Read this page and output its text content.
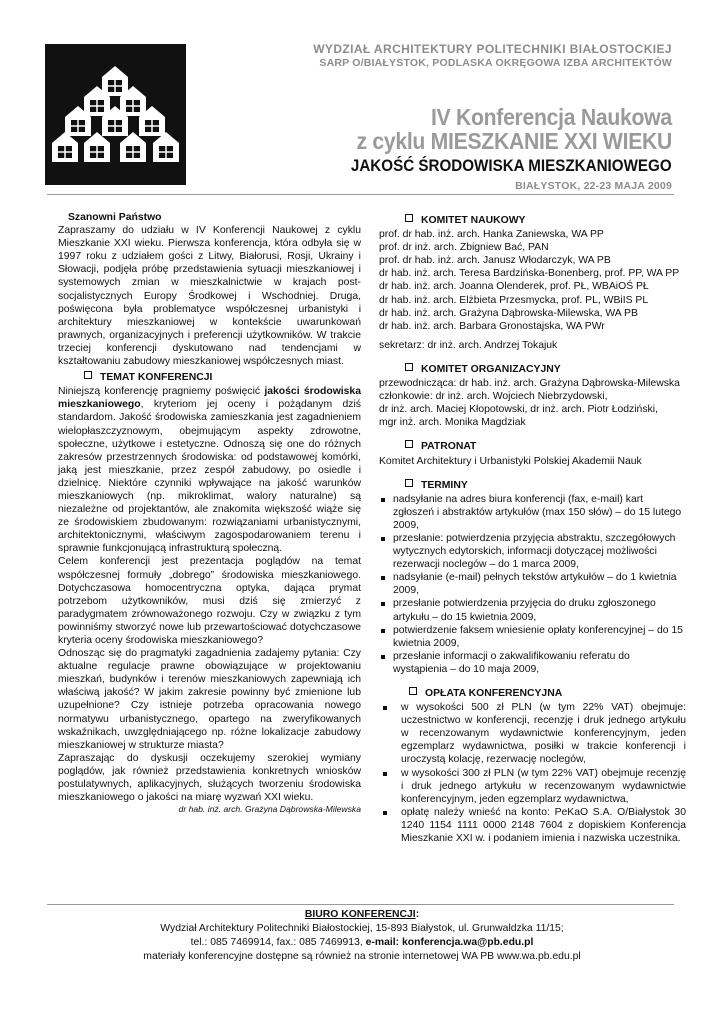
WYDZIAŁ ARCHITEKTURY POLITECHNIKI BIAŁOSTOCKIEJ
SARP O/BIAŁYSTOK, PODLASKA OKRĘGOWA IZBA ARCHITEKTÓW
IV Konferencja Naukowa
z cyklu MIESZKANIE XXI WIEKU
JAKOŚĆ ŚRODOWISKA MIESZKANIOWEGO
BIAŁYSTOK, 22-23 MAJA 2009
Szanowni Państwo

Zapraszamy do udziału w IV Konferencji Naukowej z cyklu Mieszkanie XXI wieku. Pierwsza konferencja, która odbyła się w 1997 roku z udziałem gości z Litwy, Białorusi, Rosji, Ukrainy i Słowacji, podjęła próbę przedstawienia sytuacji mieszkaniowej i systemowych zmian w mieszkalnictwie w krajach post-socjalistycznych Europy Środkowej i Wschodniej. Druga, poświęcona była problematyce współczesnej urbanistyki i architektury mieszkaniowej w kontekście uwarunkowań prawnych, organizacyjnych i preferencji użytkowników. W trakcie trzeciej konferencji dyskutowano nad tendencjami w kształtowaniu zabudowy mieszkaniowej współczesnych miast.

TEMAT KONFERENCJI

Niniejszą konferencję pragniemy poświęcić jakości środowiska mieszkaniowego, kryteriom jej oceny i pożądanym dziś standardom. Jakość środowiska zamieszkania jest zagadnieniem wielopłaszczyznowym, obejmującym aspekty zdrowotne, społeczne, użytkowe i estetyczne. Odnoszą się one do różnych zakresów przestrzennych środowiska: od podstawowej komórki, jaką jest mieszkanie, przez zespół zabudowy, po osiedle i dzielnicę. Niektóre czynniki wpływające na jakość warunków mieszkaniowych (np. mikroklimat, walory naturalne) są niezależne od projektantów, ale znakomita większość wiąże się ze środowiskiem zbudowanym: rozwiązaniami urbanistycznymi, architektonicznymi, właściwym zagospodarowaniem terenu i sprawnie funkcjonującą infrastrukturą społeczną.

Celem konferencji jest prezentacja poglądów na temat współczesnej formuły „dobrego” środowiska mieszkaniowego. Dotychczasowa homocentryczna optyka, dająca prymat potrzebom użytkowników, musi dziś się zmierzyć z paradygmatem zrównoważonego rozwoju. Czy w związku z tym powinniśmy stworzyć nowe lub przewartościować dotychczasowe kryteria oceny środowiska mieszkaniowego?

Odnosząc się do pragmatyki zagadnienia zadajemy pytania: Czy aktualne regulacje prawne obowiązujące w projektowaniu mieszkań, budynków i terenów mieszkaniowych zapewniają ich właściwą jakość? W jakim zakresie powinny być zmienione lub uzupełnione? Czy istnieje potrzeba opracowania nowego normatywu urbanistycznego, opartego na zweryfikowanych wskaźnikach, uwzględniającego np. różne lokalizacje zabudowy mieszkaniowej w strukturze miasta?

Zapraszając do dyskusji oczekujemy szerokiej wymiany poglądów, jak również przedstawienia konkretnych wniosków postulatywnych, aplikacyjnych, służących tworzeniu środowiska mieszkaniowego o jakości na miarę wyzwań XXI wieku.

dr hab. inż. arch. Grażyna Dąbrowska-Milewska
KOMITET NAUKOWY
prof. dr hab. inż. arch. Hanka Zaniewska, WA PP
prof. dr inż. arch. Zbigniew Bać, PAN
prof. dr hab. inż. arch. Janusz Włodarczyk, WA PB
dr hab. inż. arch. Teresa Bardzińska-Bonenberg, prof. PP, WA PP
dr hab. inż. arch. Joanna Olenderek, prof. PŁ, WBAiOŚ PŁ
dr hab. inż. arch. Elżbieta Przesmycka, prof. PL, WBiIS PL
dr hab. inż. arch. Grażyna Dąbrowska-Milewska, WA PB
dr hab. inż. arch. Barbara Gronostajska, WA PWr
sekretarz: dr inż. arch. Andrzej Tokajuk
KOMITET ORGANIZACYJNY
przewodnicząca: dr hab. inż. arch. Grażyna Dąbrowska-Milewska
członkowie: dr inż. arch. Wojciech Niebrzydowski,
dr inż. arch. Maciej Kłopotowski, dr inż. arch. Piotr Łodziński,
mgr inż. arch. Monika Magdziak
PATRONAT
Komitet Architektury i Urbanistyki Polskiej Akademii Nauk
TERMINY
nadsyłanie na adres biura konferencji (fax, e-mail) kart zgłoszeń i abstraktów artykułów (max 150 słów) – do 15 lutego 2009,
przesłanie: potwierdzenia przyjęcia abstraktu, szczegółowych wytycznych edytorskich, informacji dotyczącej możliwości rezerwacji noclegów – do 1 marca 2009,
nadsyłanie (e-mail) pełnych tekstów artykułów – do 1 kwietnia 2009,
przesłanie potwierdzenia przyjęcia do druku zgłoszonego artykułu – do 15 kwietnia 2009,
potwierdzenie faksem wniesienie opłaty konferencyjnej – do 15 kwietnia 2009,
przesłanie informacji o zakwalifikowaniu referatu do wystąpienia – do 10 maja 2009,
OPŁATA KONFERENCYJNA
w wysokości 500 zł PLN (w tym 22% VAT) obejmuje: uczestnictwo w konferencji, recenzję i druk jednego artykułu w recenzowanym wydawnictwie konferencyjnym, jeden egzemplarz wydawnictwa, posiłki w trakcie konferencji i uroczystą kolację, rezerwację noclegów,
w wysokości 300 zł PLN (w tym 22% VAT) obejmuje recenzję i druk jednego artykułu w recenzowanym wydawnictwie konferencyjnym, jeden egzemplarz wydawnictwa,
opłatę należy wnieść na konto: PeKaO S.A. O/Białystok 30 1240 1154 1111 0000 2148 7604 z dopiskiem Konferencja Mieszkanie XXI w. i podaniem imienia i nazwiska uczestnika.
BIURO KONFERENCJI:
Wydział Architektury Politechniki Białostockiej, 15-893 Białystok, ul. Grunwaldzka 11/15;
tel.: 085 7469914, fax.: 085 7469913, e-mail: konferencja.wa@pb.edu.pl
materiały konferencyjne dostępne są również na stronie internetowej WA PB www.wa.pb.edu.pl
